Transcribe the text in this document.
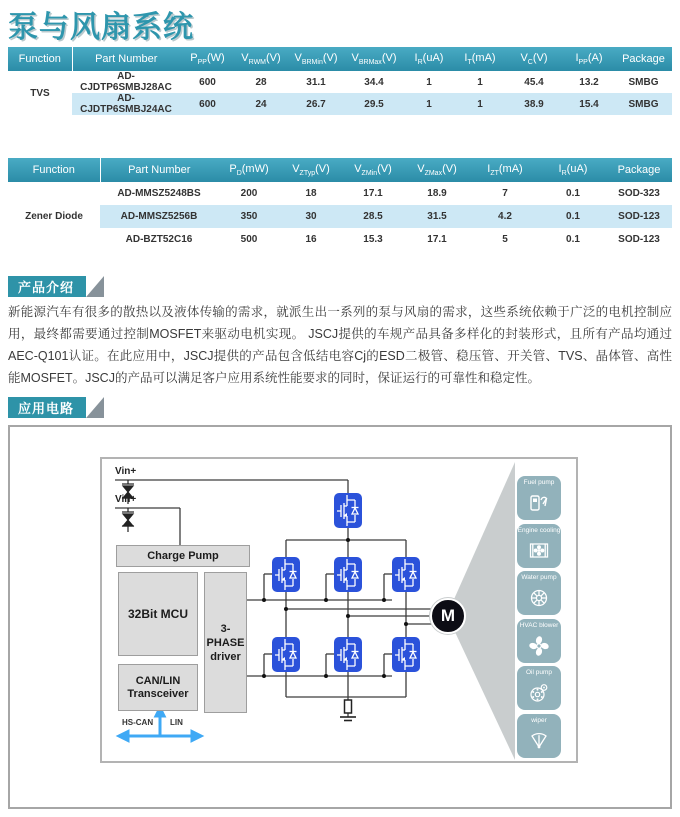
泵与风扇系统
Function	Part Number	$P_{PP}(W)$	$V_{RWM}(V)$	$V_{BRMin}(V)$	$V_{BRMax}(V)$	$I_R(uA)$	$I_T(mA)$	$V_C(V)$	$I_{PP}(A)$	Package
TVS	AD-CJDTP6SMBJ28AC	600	28	31.1	34.4	1	1	45.4	13.2	SMBG
	AD-CJDTP6SMBJ24AC	600	24	26.7	29.5	1	1	38.9	15.4	SMBG
Function	Part Number	$P_D(mW)$	$V_{ZTyp}(V)$	$V_{ZMin}(V)$	$V_{ZMax}(V)$	$I_{ZT}(mA)$	$I_R(uA)$	Package
Zener Diode	AD-MMSZ5248BS	200	18	17.1	18.9	7	0.1	SOD-323
	AD-MMSZ5256B	350	30	28.5	31.5	4.2	0.1	SOD-123
	AD-BZT52C16	500	16	15.3	17.1	5	0.1	SOD-123
产品介绍
新能源汽车有很多的散热以及液体传输的需求，就派生出一系列的泵与风扇的需求，这些系统依赖于广泛的电机控制应用，最终都需要通过控制MOSFET来驱动电机实现。 JSCJ提供的车规产品具备多样化的封装形式，且所有产品均通过AEC-Q101认证。在此应用中，JSCJ提供的产品包含低结电容Cj的ESD二极管、稳压管、开关管、TVS、晶体管、高性能MOSFET。JSCJ的产品可以满足客户应用系统性能要求的同时，保证运行的可靠性和稳定性。
应用电路
Vin+
Vin+
Charge Pump
32Bit MCU
3-
PHASE
driver
CAN/LIN
Transceiver
HS-CAN LIN
M
Fuel pump
Engine cooling
Water pump
HVAC blower
Oil pump
wiper
